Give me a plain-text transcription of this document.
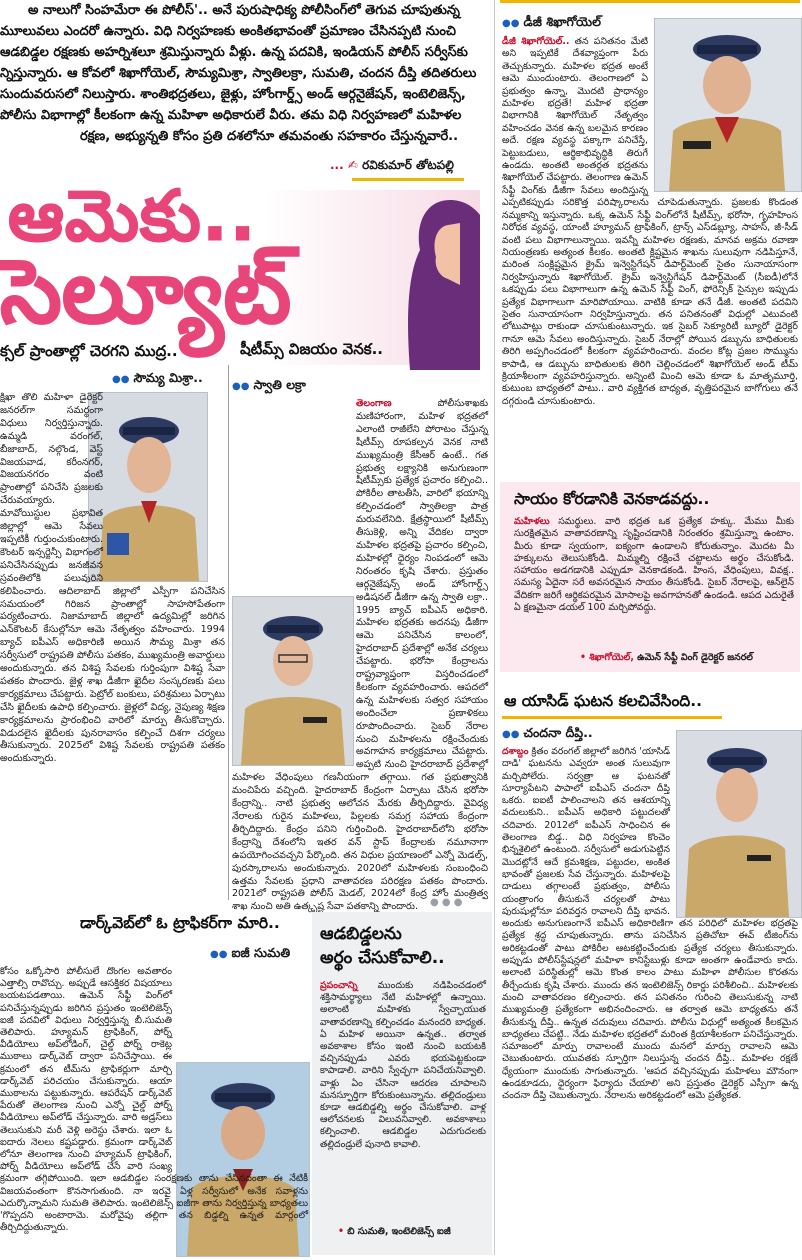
అ నాలుగో సింహమేరా ఈ పోలీస్'.. అనే పురుషాధిక్య పోలీసింగ్‌లో తెగువ చూపుతున్న

మూలువలు ఎందరో ఉన్నారు. విధి నిర్వహణకు అంకితభావంతో ప్రమాణం చేసినప్పటి నుంచి

ఆడబిడ్డల రక్షణకు అహర్నిశలూ శ్రమిస్తున్నారు వీళ్లు. ఉన్న పదవికి, ఇండియన్ పోలీస్ సర్వీస్‌కు

న్నిస్తున్నారు. ఆ కోవలో శిఖాగోయెల్, సౌమ్యమిశ్రా, స్వాతిలక్రా, సుమతి, చందన దీప్తి తదితరులు

సుందువరుసలో నిలుస్తారు. శాంతిభద్రతలు, జైళ్లు, హోంగార్డ్స్ అండ్ ఆర్గనైజేషన్, ఇంటెలిజెన్స్,

పోలీసు విభాగాల్లో కీలకంగా ఉన్న మహిళా అధికారులే వీరు. తమ విధి నిర్వహణలో మహిళల

రక్షణ, అభ్యున్నతి కోసం ప్రతి దశలోనూ తమవంతు సహకారం చేస్తున్నవారే..

... ✍ రవికుమార్ తోటపల్లి
ఆమెకు..
సెల్యూట్

క్సల్ ప్రాంతాల్లో చెరగని ముద్ర..

●● సౌమ్య మిశ్రా..

క్షిఖా తొలి మహిళా డైరెక్టర్ జనరల్‌గా సమర్థంగా విధులు నిర్వర్తిస్తున్నారు. ఉమ్మడి వరంగల్, బీజాబాద్, నల్గొండ, వెస్ట్ విజయవాడ, కరీంనగర్, విజయనగరం వంటి ప్రాంతాల్లో పనిచేసి ప్రజలకు చేరువయ్యారు. మావోయిస్టుల ప్రభావిత జిల్లాల్లో ఆమె సేవలు ఇప్పటికీ గుర్తుంచుకుంటారు. కౌంటర్ ఇన్సర్జెన్సీ విభాగంలో పనిచేసినప్పుడు జనజీవన స్రవంతిలోకి పలువురిని కలిపించారు. ఆదిలాబాద్ జిల్లాలో ఎస్పీగా పనిచేసిన సమయంలో గిరిజన ప్రాంతాల్లో సాహసోపేతంగా పర్యటించారు. నిజామాబాద్ జిల్లాలో ఉద్యమిల్లో జరిగిన ఎన్‌కౌంటర్ కేసుల్లోనూ ఆమె నేతృత్వం వహించారు. 1994 బ్యాచ్ ఐపీఎస్ అధికారిణి అయిన సౌమ్య మిశ్రా తన సర్వీసులో రాష్ట్రపతి పోలీసు పతకం, ముఖ్యమంత్రి అవార్డులు అందుకున్నారు. తన విశిష్ట సేవలకు గుర్తింపుగా విశిష్ట సేవా పతకం పొందారు. జైళ్ల శాఖ డీజీగా ఖైదీల సంస్కరణకు పలు కార్యక్రమాలు చేపట్టారు. పెట్రోల్ బంకులు, పరిశ్రమలు ఏర్పాటు చేసి ఖైదీలకు ఉపాధి కల్పించారు. జైళ్లలో విద్య, నైపుణ్య శిక్షణ కార్యక్రమాలను ప్రారంభించి వారిలో మార్పు తీసుకొచ్చారు. విడుదలైన ఖైదీలకు పునరావాసం కల్పించే దిశగా చర్యలు తీసుకున్నారు. 2025లో విశిష్ట సేవలకు రాష్ట్రపతి పతకం అందుకున్నారు.

షీటీమ్స్ విజయం వెనక..

●● స్వాతి లక్రా

తెలంగాణ పోలీసుశాఖకు మణిహారంగా, మహిళ భద్రతలో ఎలాంటి రాజీలేని పోరాటం చేస్తున్న షీటీమ్స్ రూపకల్పన వెనక నాటి ముఖ్యమంత్రి కేసీఆర్ ఉంటే.. గత ప్రభుత్వ లక్ష్యానికి అనుగుణంగా షీటీమ్స్‌కు ప్రత్యేక ప్రచారం కల్పించి.. పోకిరీల తాటతీసి, వారిలో భయాన్ని కల్పించడంలో స్వాతిలక్రా పాత్ర మరువలేనిది. క్షేత్రస్థాయిలో షీటీమ్స్ తీసుకెళ్లి, అన్ని వేదికల ద్వారా మహిళల భద్రతపై ప్రచారం కల్పించి, మహిళల్లో ధైర్యం నింపడంలో ఆమె నిరంతరం కృషి చేశారు. ప్రస్తుతం ఆర్గనైజేషన్స్ అండ్ హోంగార్డ్స్ అడిషనల్ డీజీగా ఉన్న స్వాతి లక్రా.. 1995 బ్యాచ్ ఐపీఎస్ అధికారి. మహిళల భద్రతకు అదనపు డీజీగా ఆమె పనిచేసిన కాలంలో, హైదరాబాద్ ప్రదేశాల్లో అనేక చర్యలు చేపట్టారు. భరోసా కేంద్రాలను రాష్ట్రవ్యాప్తంగా విస్తరించడంలో కీలకంగా వ్యవహరించారు. ఆపదలో ఉన్న మహిళలకు సత్వర సహాయం అందించేలా ప్రణాళికలు రూపొందించారు. సైబర్ నేరాల నుంచి మహిళలను రక్షించేందుకు అవగాహన కార్యక్రమాలు చేపట్టారు. అప్పటి నుంచి హైదరాబాద్ ప్రదేశాల్లో మహిళల వేధింపులు గణనీయంగా తగ్గాయి. గత ప్రభుత్వానికి మంచిపేరు వచ్చింది. హైదరాబాద్ కేంద్రంగా ఏర్పాటు చేసిన భరోసా కేంద్రాన్ని.. నాటి ప్రభుత్వ ఆలోచన మేరకు తీర్చిదిద్దారు. వైవిధ్య నేరాలకు గురైన మహిళలు, పిల్లలకు సమగ్ర సహాయ కేంద్రంగా తీర్చిదిద్దారు. కేంద్రం పనిని గుర్తించింది. హైదరాబాద్‌లోని భరోసా కేంద్రాన్ని దేశంలోని ఇతర వన్ స్టాప్ కేంద్రాలకు నమూనాగా ఉపయోగించవచ్చని పేర్కొంది. తన విధుల ప్రయాణంలో ఎన్నో మెడల్స్, పురస్కారాలను అందుకున్నారు. 2020లో మహిళలకు సంబంధించి ఉత్తమ సేవలకు ప్రధాని వాతావరణ పరిరక్షణ పతకం పొందారు. 2021లో రాష్ట్రపతి పోలీస్ మెడల్, 2024లో కేంద్ర హోం మంత్రిత్వ శాఖ నుంచి అతి ఉత్కృష్ట సేవా పతకాన్ని పొందారు.

●● డీజీ శిఖాగోయెల్

డీజీ శిఖాగోయెల్.. తన పనితనం మేటి అని ఇప్పటికే దేశవ్యాప్తంగా పేరు తెచ్చుకున్నారు. మహిళల భద్రత అంటే ఆమె ముందుంటారు. తెలంగాణలో ఏ ప్రభుత్వం ఉన్నా, మొదటి ప్రాధాన్యం మహిళల భద్రతే! మహిళ భద్రతా విభాగానికి శిఖాగోయెల్ నేతృత్వం వహించడం వెనక ఉన్న బలమైన కారణం అదే. రక్షణ వ్యవస్థ పక్కాగా పనిచేస్తే, పెట్టుబడులు, ఆర్థికాభివృద్ధికి తిరుగే ఉండదు. అంతటి అంతర్గత భద్రతను శిఖాగోయెల్ చేపట్టారు. తెలంగాణ ఉమెన్ సేఫ్టీ వింగ్‌కు డీజీగా సేవలు అందిస్తున్న ఎప్పటికప్పుడు సరికొత్త పరిష్కారాలను చూపెడుతున్నారు. ప్రజలకు కొండంత నమ్మకాన్ని ఇస్తున్నారు. ఒక్క ఉమెన్ సేఫ్టీ వింగ్‌లోనే షీటీమ్స్, భరోసా, గృహహింస నిరోధక వ్యవస్థ, యాంటీ హ్యూమన్ ట్రాఫికింగ్, ట్రాన్స్ ఎస్‌డబ్ల్యూ, సాహస్, జీ-సీడ్ వంటి పలు విభాగాలున్నాయి. ఇవన్నీ మహిళల రక్షణకు, మానవ అక్రమ రవాణా నియంత్రణకు అత్యంత కీలకం. అంతటి క్లిష్టమైన శాఖను సులువుగా నడిపిస్తూనే, మరింత సంక్లిష్టమైన క్రైమ్ ఇన్వెస్టిగేషన్ డిపార్ట్‌మెంట్ సైతం సునాయాసంగా నిర్వహిస్తున్నారు శిఖాగోయెల్. క్రైమ్ ఇన్వెస్టిగేషన్ డిపార్ట్‌మెంట్ (సీఐడీ)లోనే ఒకప్పుడు పలు విభాగాలుగా ఉన్న ఉమెన్ సేఫ్టీ వింగ్, ఫోరెన్సిక్ సైన్సుల ఇప్పుడు ప్రత్యేక విభాగాలుగా మారిపోయాయి. వాటికి కూడా తనే డీజీ. అంతటి పదవిని సైతం సునాయాసంగా నిర్వహిస్తున్నారు. తన పనితనంతో విధుల్లో ఎటువంటి లోటుపాట్లు రాకుండా చూసుకుంటున్నారు. ఇక సైబర్ సెక్యూరిటీ బ్యూరో డైరెక్టర్ గానూ ఆమె సేవలు అందిస్తున్నారు. సైబర్ నేరాల్లో పోయిన డబ్బును బాధితులకు తిరిగి అప్పగించడంలో కీలకంగా వ్యవహరించారు. వందల కోట్ల ప్రజల సొమ్మును కాపాడి, ఆ డబ్బును బాధితులకు తిరిగి చెల్లించడంలో శిఖాగోయెల్ అండ్ టీమ్ క్రియాశీలంగా వ్యవహరిస్తున్నారు. అన్నింటి మించి ఆమె కూడా ఓ మాతృమూర్తి, కుటుంబ బాధ్యతలో పాటు.. వారి వ్యక్తిగత బాధ్యత, వృత్తిపరమైన బాగోగులు తనే దగ్గరుండి చూసుకుంటారు.

సాయం కోరడానికి వెనకాడవద్దు..

మహిళలు సమర్థులు. వారి భద్రత ఒక ప్రత్యేక హక్కు. మేము మీకు సురక్షితమైన వాతావరణాన్ని సృష్టించడానికి నిరంతరం శ్రమిస్తున్నా ఉంటాం. మీరు కూడా స్వయంగా, ఐక్యంగా ఉండాలని కోరుతున్నాం. మొదట మీ హక్కులను తెలుసుకోండి. మిమ్మల్ని రక్షించే చట్టాలను అర్థం చేసుకోండి. సహాయం అడగడానికి ఎప్పుడూ వెనకాడకండి. హింస, వేధింపులు, వివక్ష.. సమస్య ఏదైనా సరే అవసరమైన సాయం తీసుకోండి. సైబర్ నేరాలపై, ఆన్‌లైన్ వేదికగా జరిగే ఆర్థికపరమైన మోసాలపై అవగాహనతో ఉండండి. ఆపద ఎదురైతే ఏ క్షణమైనా డయల్ 100 మర్చిపోవద్దు.

• శిఖాగోయెల్, ఉమెన్ సేఫ్టీ వింగ్ డైరెక్టర్ జనరల్

ఆ యాసిడ్ ఘటన కలచివేసింది..

●● చందనా దీప్తి..

దశాబ్దం క్రితం వరంగల్ జిల్లాలో జరిగిన 'యాసిడ్ దాడి' ఘటనను ఎవ్వరూ అంత సులువుగా మర్చిపోలేరు. సర్వత్రా ఆ ఘటనతో సూర్యాపేటని పాపాలో ఐపీఎస్ చందనా దీప్తి ఒకరు. ఐఐటీ పాలించాలని తన ఆశయాన్ని వదులుకుని.. ఐపీఎస్ అధికారి పట్టుదలతో చదివారు. 2012లో ఐపీఎస్ సాధించిన ఈ తెలంగాణ బిడ్డ.. విధి నిర్వహణ కొంచెం భిన్నశైలిలో ఉంటుంది. సర్వీసులో అడుగుపెట్టిన మొదట్లోనే ఆదే క్రమశిక్షణ, పట్టుదల, అంకిత భావంతో ప్రజలకు సేవ చేస్తున్నారు. మహిళలపై దాడులు తగ్గాలంటే ప్రభుత్వం, పోలీసు యంత్రాంగం తీసుకునే చర్యలతో పాటు పురుషుల్లోనూ పరివర్తన రావాలని దీప్తి భావన. అందుకు అనుగుణంగానే ఐపీఎస్ అధికారిణిగా తన పరిధిలో మహిళల భద్రతపై ప్రత్యేక శ్రద్ధ చూపుతున్నారు. తాను పనిచేసిన ప్రతిచోటా ఈవ్ టీజింగ్‌ను అరికట్టడంతో పాటు పోకిరీల ఆటకట్టించేందుకు ప్రత్యేక చర్యలు తీసుకున్నారు. అప్పుడు పోలీస్‌స్టేషన్లలో మహిళా కానిస్టేబుళ్లు కూడా అంతగా ఉండేవారు కాదు. అలాంటి పరిస్థితుల్లో ఆమె కొంత కాలం పాటు మహిళా పోలీసుల కొరతను తీర్చేందుకు కృషి చేశారు. ముందు తన ఇంటెలిజెన్స్ రికార్డు పరిశీలించి.. మహిళలకు మంచి వాతావరణం కల్పించారు. తన పనితనం గురించి తెలుసుకున్న నాటి ముఖ్యమంత్రి ప్రత్యేకంగా అభినందించారు. ఆ తర్వాత ఆమె బాధ్యతను తనే తీసుకున్న దీప్తి.. ఉన్నత చదువులు చదివారు. పోలీసు విధుల్లో అత్యంత కీలకమైన బాధ్యతలు చేపట్టి.. నేడు మహిళల భద్రతలో మరింత క్రియాశీలకంగా పనిచేస్తున్నారు. సమాజంలో మార్పు రావాలంటే ముందు మనలో మార్పు రావాలని ఆమె చెబుతుంటారు. యువతకు స్ఫూర్తిగా నిలుస్తున్న చందన దీప్తి.. మహిళల రక్షణే ధ్యేయంగా ముందుకు సాగుతున్నారు. 'ఆపద వచ్చినప్పుడు మహిళలు మౌనంగా ఉండకూడదు, ధైర్యంగా ఫిర్యాదు చేయాలి' అని ప్రస్తుతం డైరెక్టర్ ఎస్పీగా ఉన్న చందనా దీప్తి చెబుతున్నారు. నేరాలను అరికట్టడంలో ఆమె ప్రత్యేకత.

● ● ●

డార్క్‌వెబ్‌లో ఓ ట్రాఫికర్‌గా మారి..

●● ఐజీ సుమతి

కోసం ఒక్కోసారి పోలీసులే దొంగల అవతారం ఎత్తాల్సి రావొచ్చు. అప్పుడే ఆసక్తికర విషయాలు బయటపడతాయి. ఉమెన్ సేఫ్టీ వింగ్‌లో పనిచేస్తున్నప్పుడు జరిగిన ప్రస్తుతం ఇంటెలిజెన్స్ ఐజీ పదవిలో విధులు నిర్వర్తిస్తున్న బీ.సుమతి తెలిపారు. హ్యూమన్ ట్రాఫికింగ్, పోర్న్ వీడియోలు అప్‌లోడింగ్, చైల్డ్ పోర్న్ రాకెట్ల ముఠాలు డార్క్‌వెబ్ ద్వారా పనిచేస్తాయి. ఈ క్రమంలో తన టీమ్‌ను ట్రాఫికర్లుగా మార్చి డార్క్‌వెబ్‌ పరిచయం చేసుకున్నారు. ఆయా ముఠాలను పట్టుకున్నారు. ఆపరేషన్ డార్క్‌వెబ్ పేరుతో తెలంగాణ నుంచి ఎన్నో చైల్డ్ పోర్న్ వీడియోలు అప్‌లోడ్ చేస్తున్నారు. వారి అడ్రస్‌లు తెలుసుకుని మరీ వెళ్లి అరెస్టు చేశారు. ఇలా ఓ ఐదారు నెలలు కష్టపడ్డారు. క్రమంగా డార్క్‌వెబ్ లోనూ తెలంగాణ నుంచి హ్యూమన్ ట్రాఫికింగ్, పోర్న్ వీడియోలు అప్‌లోడ్ చేసే వారి సంఖ్య క్రమంగా తగ్గిపోయింది. ఇలా ఆడబిడ్డల సంరక్షణకు తాను చేసినదంతా ఈ నేటికీ విజయవంతంగా కొనసాగుతుంది. నా ఇరవై ఏళ్ల సర్వీసులో అనేక సవాళ్లను ఎదుర్కొన్నామని సుమతి తెలిపారు. ఇంటెలిజెన్స్ ఐజీగా తాను నిర్వర్తిస్తున్న బాధ్యతలు 'గొప్పదని అంటారామె. మరోవైపు తల్లిగా తన బిడ్డల్ని ఉన్నత మార్గంలో తీర్చిదిద్దుతున్నారు.

ఆడబిడ్డలను

అర్థం చేసుకోవాలి..

ప్రపంచాన్ని ముందుకు నడిపించడంలో శక్తిసామర్థ్యాలు నేటి మహిళల్లో ఉన్నాయి. అలాంటి మహిళకు స్వేచ్ఛాయుత వాతావరణాన్ని కల్పించడం మనందరి బాధ్యత. ఏ మహిళ అయినా ఉన్నత.. తర్వాత అవకాశాల కోసం ఇంటి నుంచి బయటకి వచ్చినప్పుడు ఎవరు భయపెట్టకుండా కాపాడాలి. వారిని స్వేచ్ఛగా పనిచేయనివ్వాలి. వాళ్లు ఏం చేసినా ఆదరణ చూపాలని మనస్ఫూర్తిగా కోరుకుంటున్నాను. తల్లిదండ్రులు కూడా ఆడబిడ్డల్ని అర్థం చేసుకోవాలి. వాళ్ల ఆలోచనలకు విలువనివ్వాలి. అవకాశాలు కల్పించాలి. ఆడబిడ్డల ఎదుగుదలకు తల్లిదండ్రులే పునాది కావాలి.

• బి సుమతి, ఇంటెలిజెన్స్ ఐజీ
